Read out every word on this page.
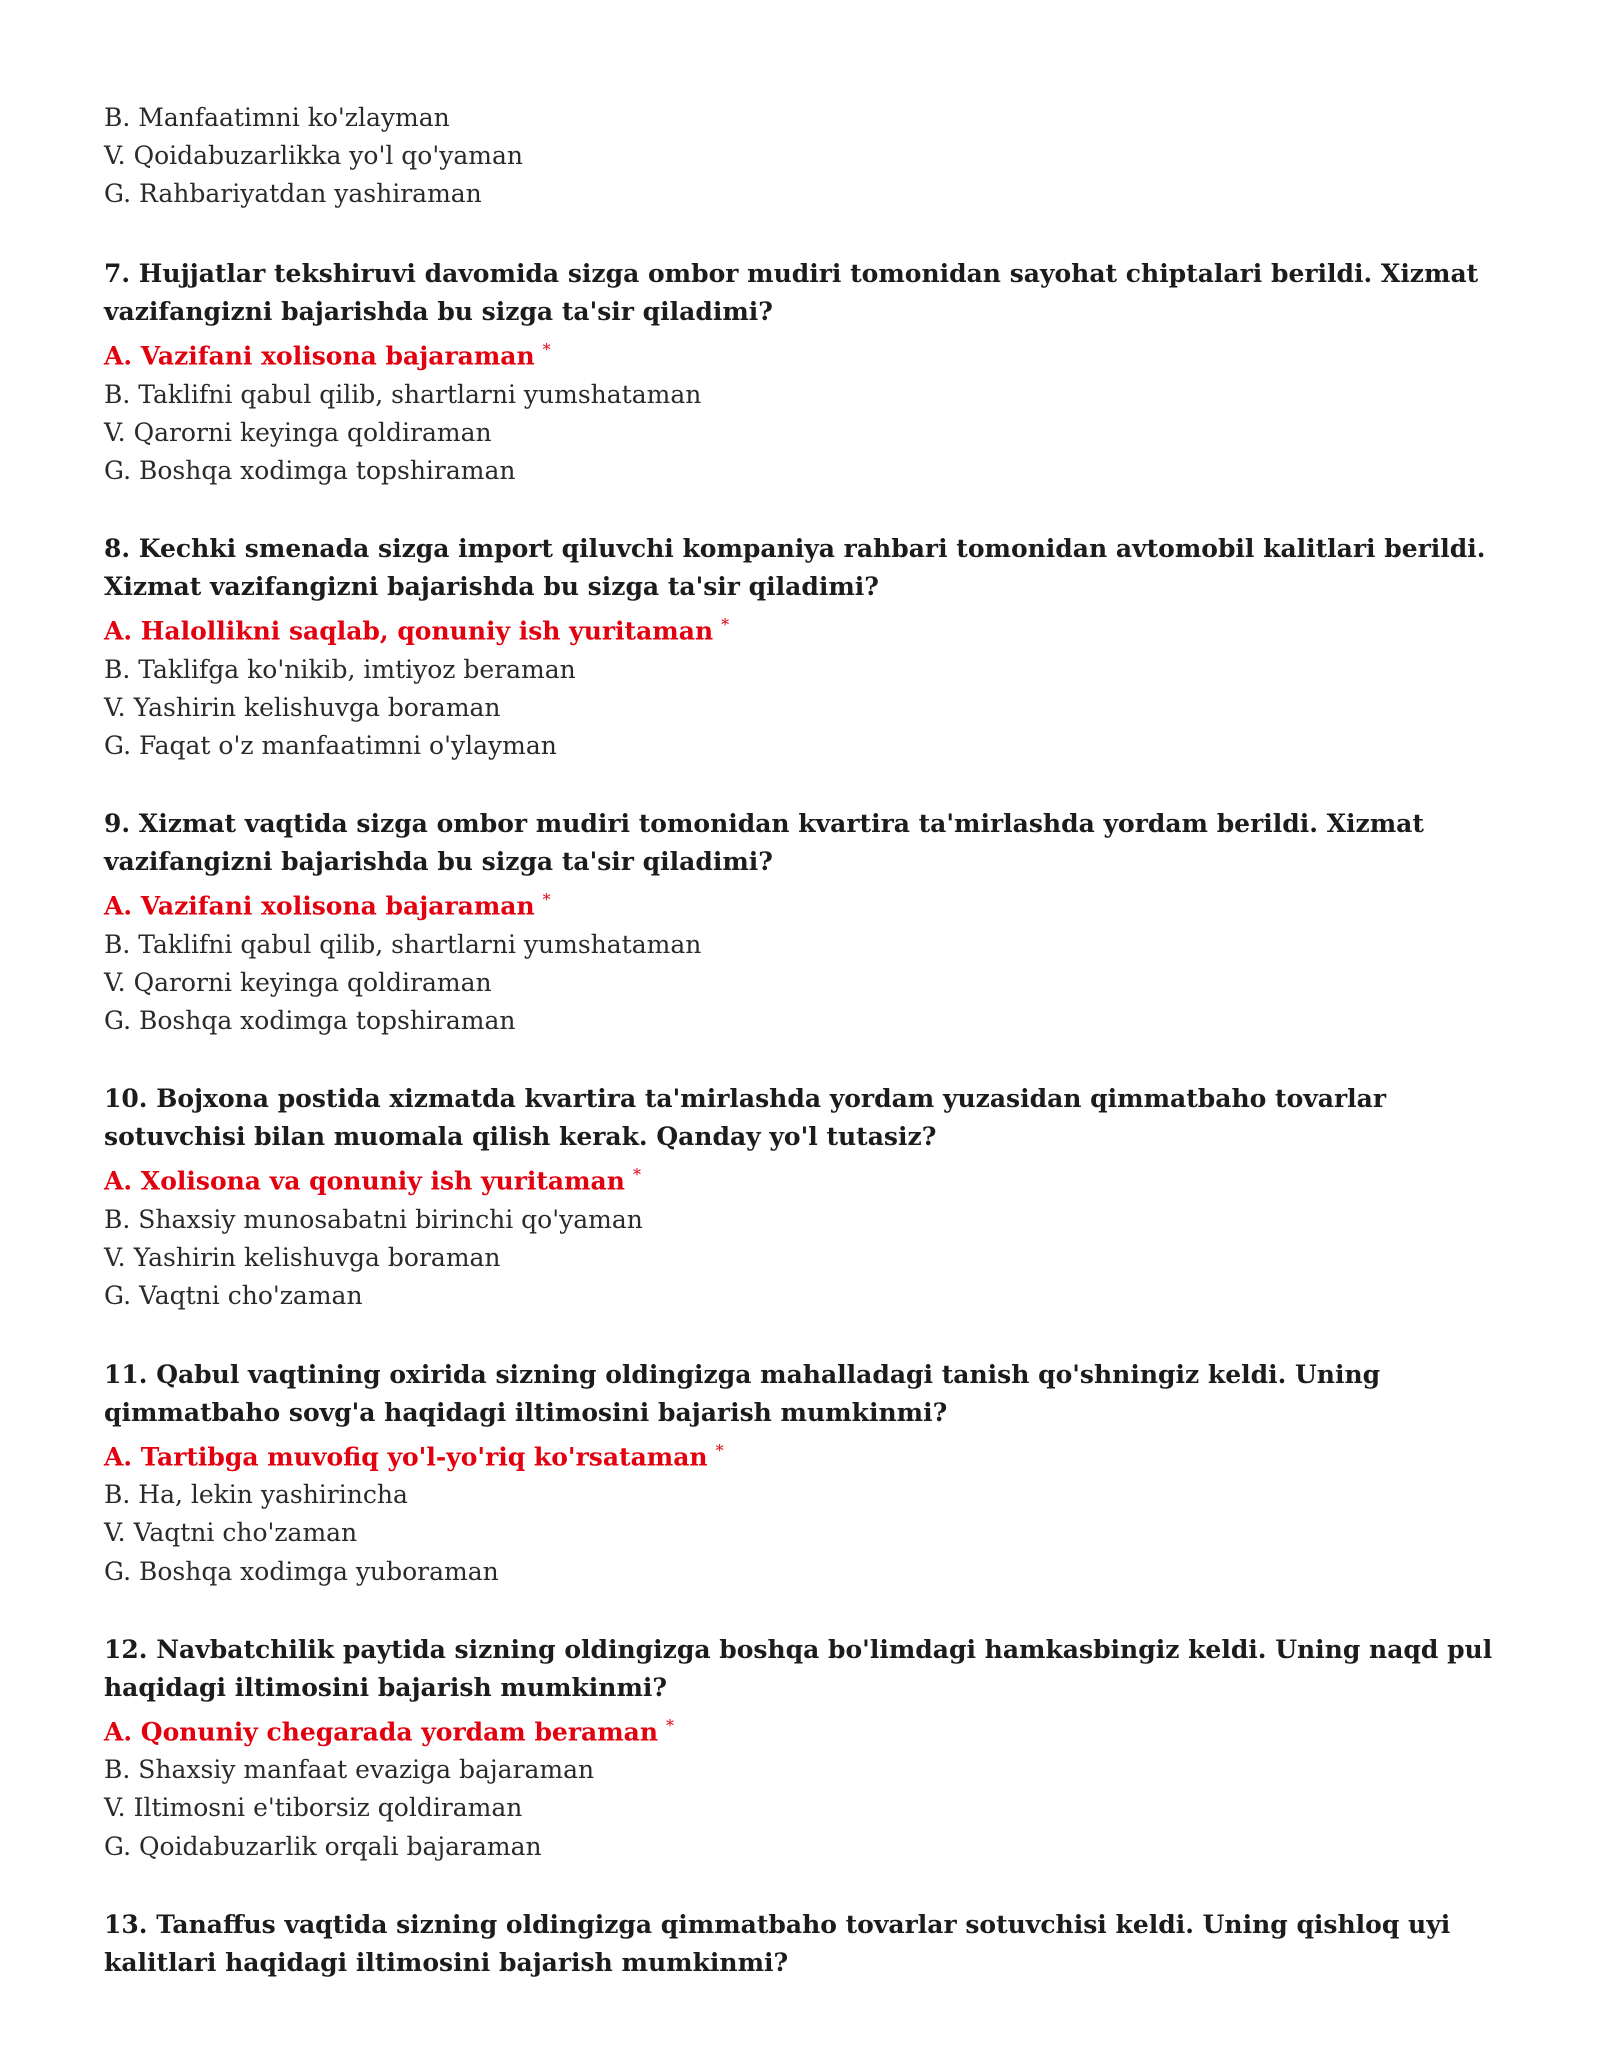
B. Manfaatimni ko'zlayman

V. Qoidabuzarlikka yo'l qo'yaman

G. Rahbariyatdan yashiraman

7. Hujjatlar tekshiruvi davomida sizga ombor mudiri tomonidan sayohat chiptalari berildi. Xizmat vazifangizni bajarishda bu sizga ta'sir qiladimi?

A. Vazifani xolisona bajaraman *

B. Taklifni qabul qilib, shartlarni yumshataman

V. Qarorni keyinga qoldiraman

G. Boshqa xodimga topshiraman

8. Kechki smenada sizga import qiluvchi kompaniya rahbari tomonidan avtomobil kalitlari berildi. Xizmat vazifangizni bajarishda bu sizga ta'sir qiladimi?

A. Halollikni saqlab, qonuniy ish yuritaman *

B. Taklifga ko'nikib, imtiyoz beraman

V. Yashirin kelishuvga boraman

G. Faqat o'z manfaatimni o'ylayman

9. Xizmat vaqtida sizga ombor mudiri tomonidan kvartira ta'mirlashda yordam berildi. Xizmat vazifangizni bajarishda bu sizga ta'sir qiladimi?

A. Vazifani xolisona bajaraman *

B. Taklifni qabul qilib, shartlarni yumshataman

V. Qarorni keyinga qoldiraman

G. Boshqa xodimga topshiraman

10. Bojxona postida xizmatda kvartira ta'mirlashda yordam yuzasidan qimmatbaho tovarlar sotuvchisi bilan muomala qilish kerak. Qanday yo'l tutasiz?

A. Xolisona va qonuniy ish yuritaman *

B. Shaxsiy munosabatni birinchi qo'yaman

V. Yashirin kelishuvga boraman

G. Vaqtni cho'zaman

11. Qabul vaqtining oxirida sizning oldingizga mahalladagi tanish qo'shningiz keldi. Uning qimmatbaho sovg'a haqidagi iltimosini bajarish mumkinmi?

A. Tartibga muvofiq yo'l-yo'riq ko'rsataman *

B. Ha, lekin yashirincha

V. Vaqtni cho'zaman

G. Boshqa xodimga yuboraman

12. Navbatchilik paytida sizning oldingizga boshqa bo'limdagi hamkasbingiz keldi. Uning naqd pul haqidagi iltimosini bajarish mumkinmi?

A. Qonuniy chegarada yordam beraman *

B. Shaxsiy manfaat evaziga bajaraman

V. Iltimosni e'tiborsiz qoldiraman

G. Qoidabuzarlik orqali bajaraman

13. Tanaffus vaqtida sizning oldingizga qimmatbaho tovarlar sotuvchisi keldi. Uning qishloq uyi kalitlari haqidagi iltimosini bajarish mumkinmi?
